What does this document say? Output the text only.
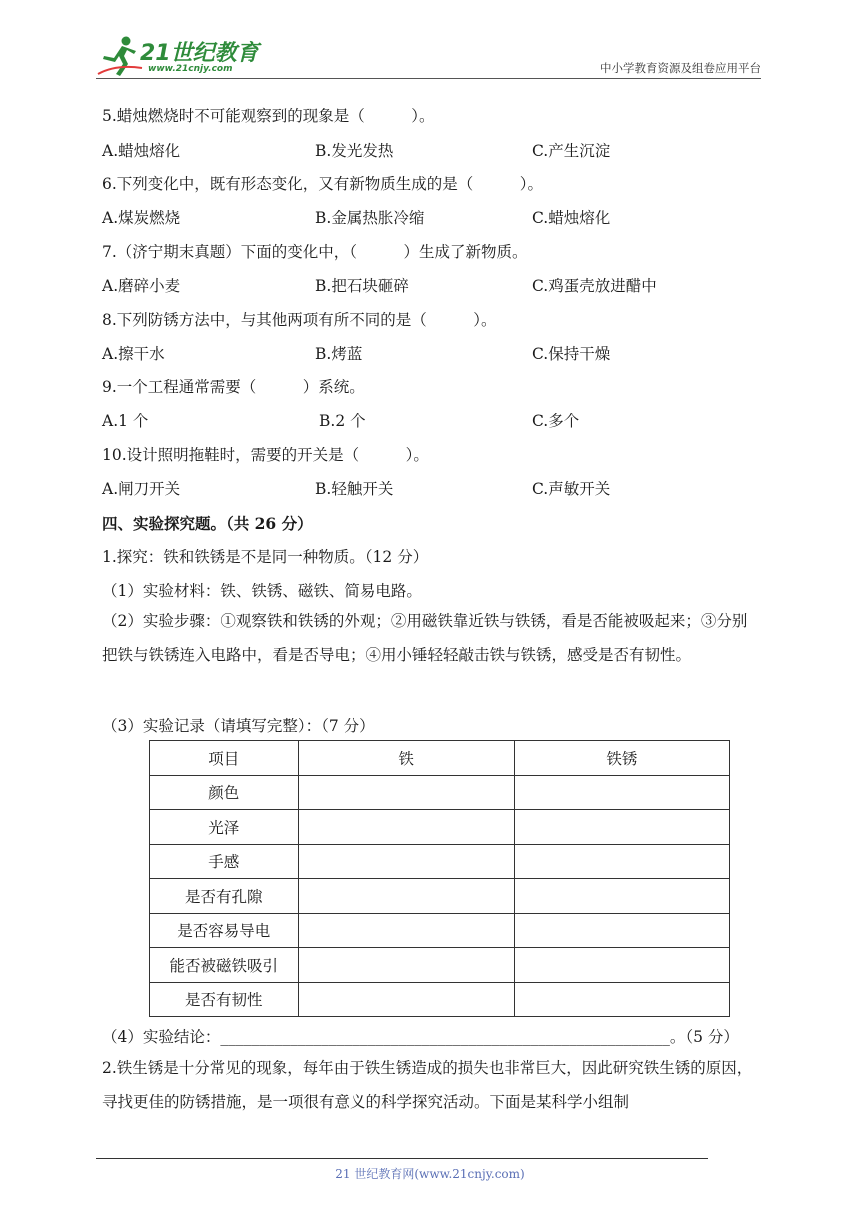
21世纪教育
www.21cnjy.com	中小学教育资源及组卷应用平台
5.蜡烛燃烧时不可能观察到的现象是（　　　）。
A.蜡烛熔化	B.发光发热	C.产生沉淀
6.下列变化中，既有形态变化，又有新物质生成的是（　　　）。
A.煤炭燃烧	B.金属热胀冷缩	C.蜡烛熔化
7.（济宁期末真题）下面的变化中，（　　　）生成了新物质。
A.磨碎小麦	B.把石块砸碎	C.鸡蛋壳放进醋中
8.下列防锈方法中，与其他两项有所不同的是（　　　）。
A.擦干水	B.烤蓝	C.保持干燥
9.一个工程通常需要（　　　）系统。
A.1 个	B.2 个	C.多个
10.设计照明拖鞋时，需要的开关是（　　　）。
A.闸刀开关	B.轻触开关	C.声敏开关
四、实验探究题。（共 26 分）
1.探究：铁和铁锈是不是同一种物质。（12 分）
（1）实验材料：铁、铁锈、磁铁、简易电路。
（2）实验步骤：①观察铁和铁锈的外观；②用磁铁靠近铁与铁锈，看是否能被吸起来；③分别把铁与铁锈连入电路中，看是否导电；④用小锤轻轻敲击铁与铁锈，感受是否有韧性。
（3）实验记录（请填写完整）：（7 分）
项目	铁	铁锈
颜色		
光泽		
手感		
是否有孔隙		
是否容易导电		
能否被磁铁吸引		
是否有韧性		
（4）实验结论：__________________________________________________________。（5 分）
2.铁生锈是十分常见的现象，每年由于铁生锈造成的损失也非常巨大，因此研究铁生锈的原因，寻找更佳的防锈措施，是一项很有意义的科学探究活动。下面是某科学小组制
21 世纪教育网(www.21cnjy.com)
